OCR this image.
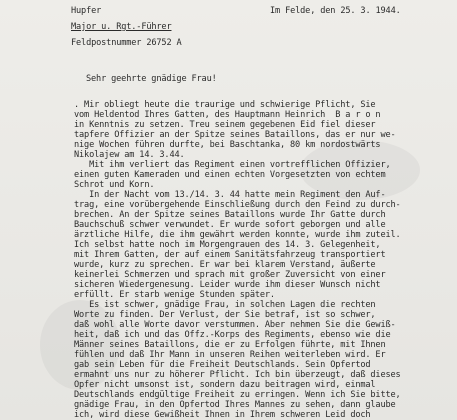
Hupfer	Im Felde, den 25. 3. 1944.
Major u. Rgt.-Führer
Feldpostnummer 26752 A
Sehr geehrte gnädige Frau!
. Mir obliegt heute die traurige und schwierige Pflicht, Sie
vom Heldentod Ihres Gatten, des Hauptmann Heinrich  B a r o n
in Kenntnis zu setzen. Treu seinem gegebenen Eid fiel dieser
tapfere Offizier an der Spitze seines Bataillons, das er nur we-
nige Wochen führen durfte, bei Baschtanka, 80 km nordostwärts
Nikolajew am 14. 3.44.
Mit ihm verliert das Regiment einen vortrefflichen Offizier,
einen guten Kameraden und einen echten Vorgesetzten von echtem
Schrot und Korn.
In der Nacht vom 13./14. 3. 44 hatte mein Regiment den Auf-
trag, eine vorübergehende Einschließung durch den Feind zu durch-
brechen. An der Spitze seines Bataillons wurde Ihr Gatte durch
Bauchschuß schwer verwundet. Er wurde sofort geborgen und alle
ärztliche Hilfe, die ihm gewährt werden konnte, wurde ihm zuteil.
Ich selbst hatte noch im Morgengrauen des 14. 3. Gelegenheit,
mit Ihrem Gatten, der auf einem Sanitätsfahrzeug transportiert
wurde, kurz zu sprechen. Er war bei klarem Verstand, äußerte
keinerlei Schmerzen und sprach mit großer Zuversicht von einer
sicheren Wiedergenesung. Leider wurde ihm dieser Wunsch nicht
erfüllt. Er starb wenige Stunden später.
Es ist schwer, gnädige Frau, in solchen Lagen die rechten
Worte zu finden. Der Verlust, der Sie betraf, ist so schwer,
daß wohl alle Worte davor verstummen. Aber nehmen Sie die Gewiß-
heit, daß ich und das Offz.-Korps des Regiments, ebenso wie die
Männer seines Bataillons, die er zu Erfolgen führte, mit Ihnen
fühlen und daß Ihr Mann in unseren Reihen weiterleben wird. Er
gab sein Leben für die Freiheit Deutschlands. Sein Opfertod
ermahnt uns nur zu höherer Pflicht. Ich bin überzeugt, daß dieses
Opfer nicht umsonst ist, sondern dazu beitragen wird, einmal
Deutschlands endgültige Freiheit zu erringen. Wenn ich Sie bitte,
gnädige Frau, in den Opfertod Ihres Mannes zu sehen, dann glaube
ich, wird diese Gewißheit Ihnen in Ihrem schweren Leid doch
